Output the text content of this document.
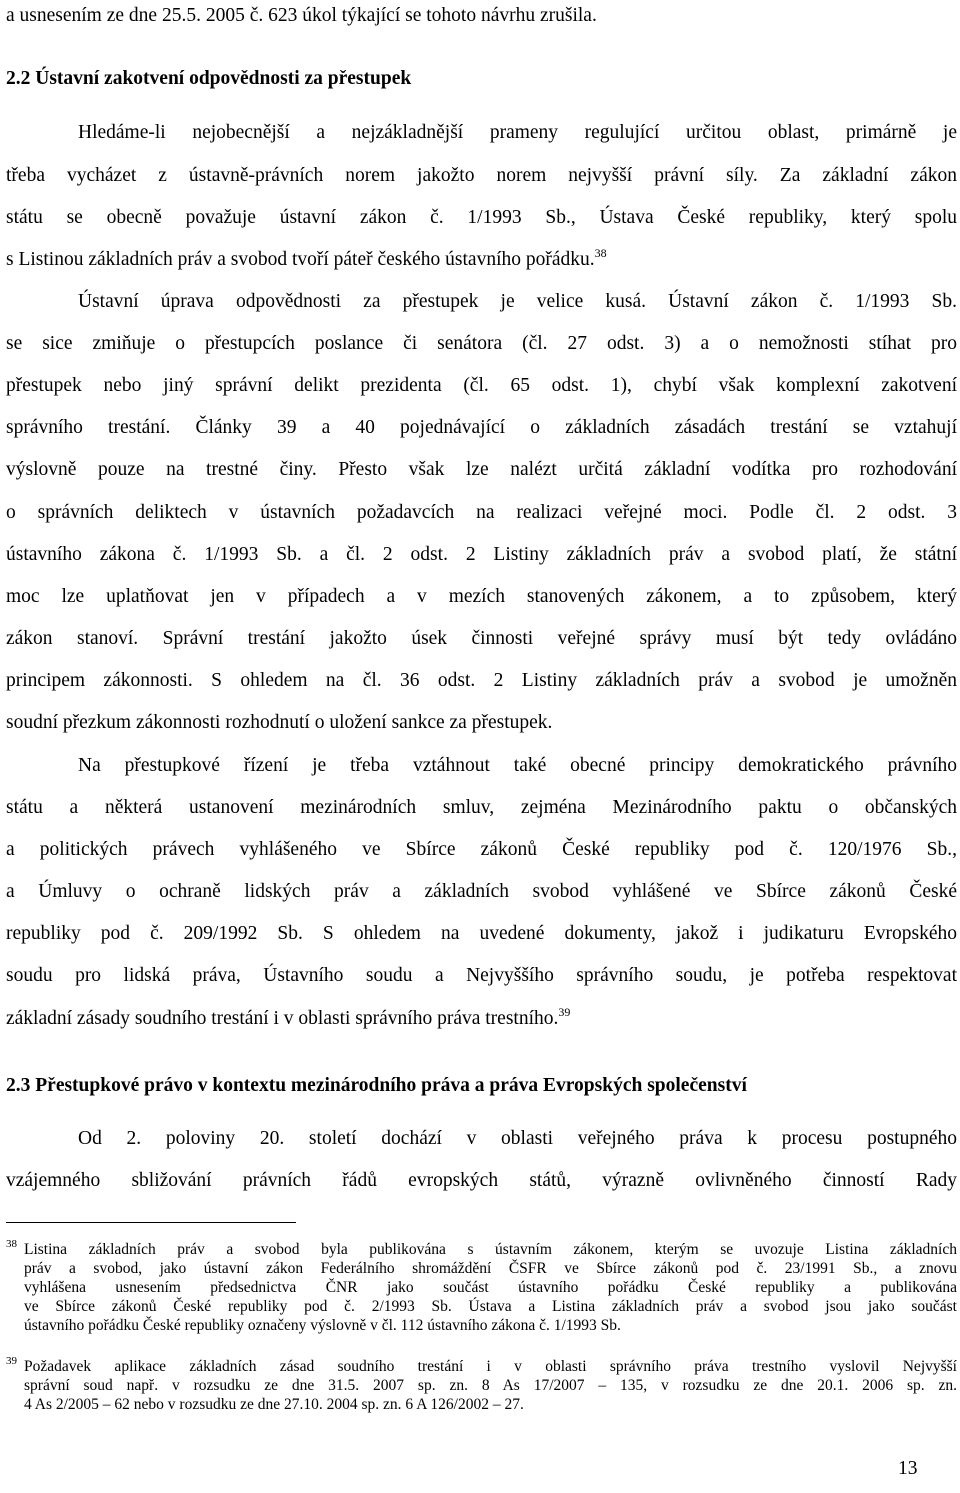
a usnesením ze dne 25.5. 2005 č. 623 úkol týkající se tohoto návrhu zrušila.
2.2 Ústavní zakotvení odpovědnosti za přestupek
Hledáme-li nejobecnější a nejzákladnější prameny regulující určitou oblast, primárně je
třeba vycházet z ústavně-právních norem jakožto norem nejvyšší právní síly. Za základní zákon
státu se obecně považuje ústavní zákon č. 1/1993 Sb., Ústava České republiky, který spolu
s Listinou základních práv a svobod tvoří páteř českého ústavního pořádku.$^{38}$
Ústavní úprava odpovědnosti za přestupek je velice kusá. Ústavní zákon č. 1/1993 Sb.
se sice zmiňuje o přestupcích poslance či senátora (čl. 27 odst. 3) a o nemožnosti stíhat pro
přestupek nebo jiný správní delikt prezidenta (čl. 65 odst. 1), chybí však komplexní zakotvení
správního trestání. Články 39 a 40 pojednávající o základních zásadách trestání se vztahují
výslovně pouze na trestné činy. Přesto však lze nalézt určitá základní vodítka pro rozhodování
o správních deliktech v ústavních požadavcích na realizaci veřejné moci. Podle čl. 2 odst. 3
ústavního zákona č. 1/1993 Sb. a čl. 2 odst. 2 Listiny základních práv a svobod platí, že státní
moc lze uplatňovat jen v případech a v mezích stanovených zákonem, a to způsobem, který
zákon stanoví. Správní trestání jakožto úsek činnosti veřejné správy musí být tedy ovládáno
principem zákonnosti. S ohledem na čl. 36 odst. 2 Listiny základních práv a svobod je umožněn
soudní přezkum zákonnosti rozhodnutí o uložení sankce za přestupek.
Na přestupkové řízení je třeba vztáhnout také obecné principy demokratického právního
státu a některá ustanovení mezinárodních smluv, zejména Mezinárodního paktu o občanských
a politických právech vyhlášeného ve Sbírce zákonů České republiky pod č. 120/1976 Sb.,
a Úmluvy o ochraně lidských práv a základních svobod vyhlášené ve Sbírce zákonů České
republiky pod č. 209/1992 Sb. S ohledem na uvedené dokumenty, jakož i judikaturu Evropského
soudu pro lidská práva, Ústavního soudu a Nejvyššího správního soudu, je potřeba respektovat
základní zásady soudního trestání i v oblasti správního práva trestního.$^{39}$
2.3 Přestupkové právo v kontextu mezinárodního práva a práva Evropských společenství
Od 2. poloviny 20. století dochází v oblasti veřejného práva k procesu postupného
vzájemného sbližování právních řádů evropských států, výrazně ovlivněného činností Rady
38 Listina základních práv a svobod byla publikována s ústavním zákonem, kterým se uvozuje Listina základních
práv a svobod, jako ústavní zákon Federálního shromáždění ČSFR ve Sbírce zákonů pod č. 23/1991 Sb., a znovu
vyhlášena usnesením předsednictva ČNR jako součást ústavního pořádku České republiky a publikována
ve Sbírce zákonů České republiky pod č. 2/1993 Sb. Ústava a Listina základních práv a svobod jsou jako součást
ústavního pořádku České republiky označeny výslovně v čl. 112 ústavního zákona č. 1/1993 Sb.
39 Požadavek aplikace základních zásad soudního trestání i v oblasti správního práva trestního vyslovil Nejvyšší
správní soud např. v rozsudku ze dne 31.5. 2007 sp. zn. 8 As 17/2007 – 135, v rozsudku ze dne 20.1. 2006 sp. zn.
4 As 2/2005 – 62 nebo v rozsudku ze dne 27.10. 2004 sp. zn. 6 A 126/2002 – 27.
13
